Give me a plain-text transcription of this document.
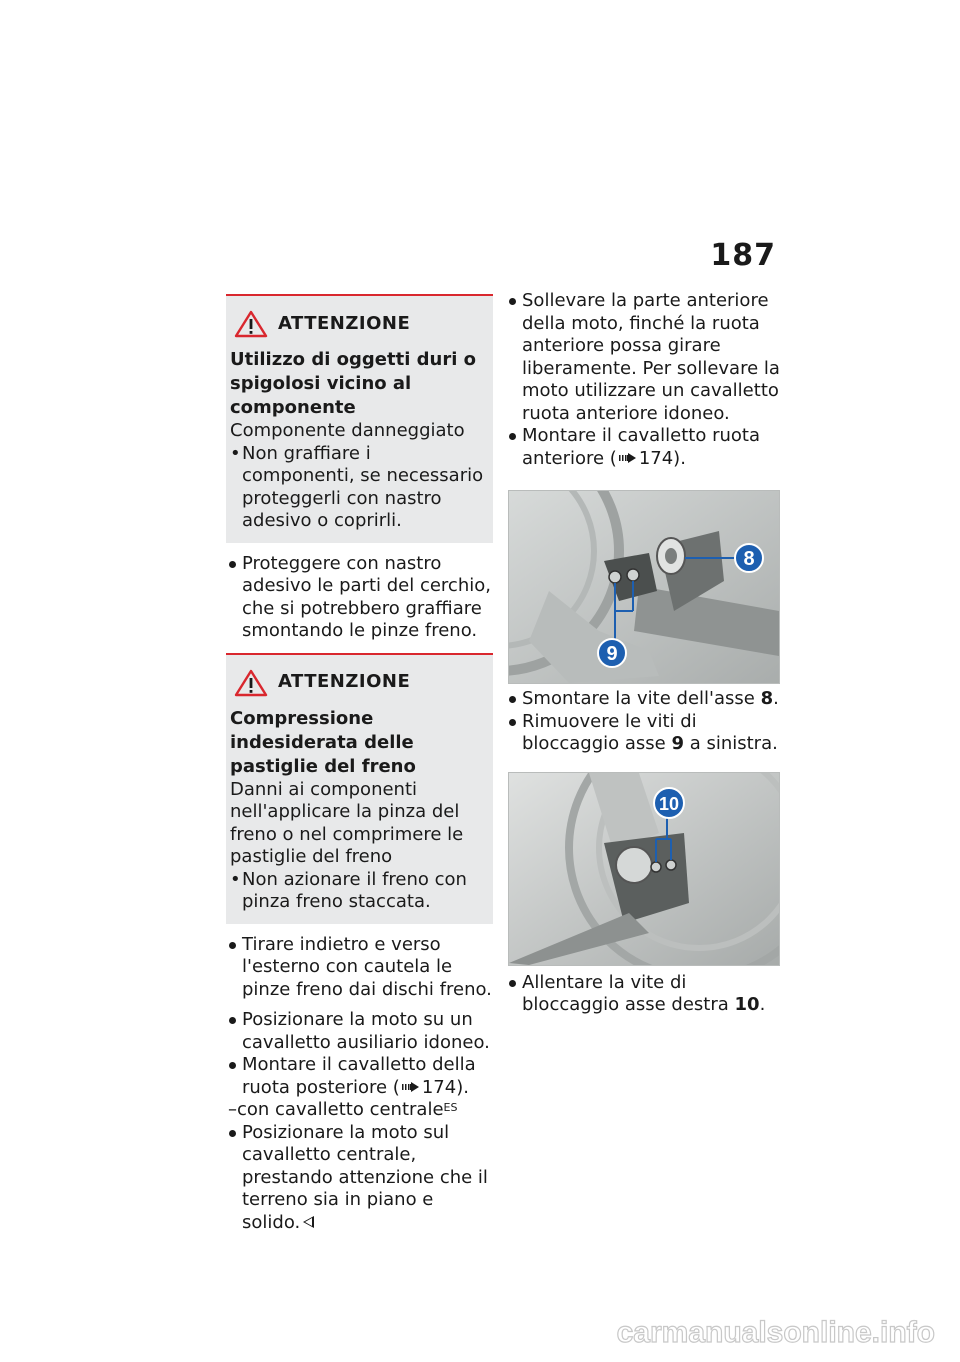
187
ATTENZIONE
Utilizzo di oggetti duri o spigolosi vicino al componente
Componente danneggiato
• Non graffiare i componenti, se necessario proteggerli con nastro adesivo o coprirli.
Proteggere con nastro adesivo le parti del cerchio, che si potrebbero graffiare smontando le pinze freno.
ATTENZIONE
Compressione indesiderata delle pastiglie del freno
Danni ai componenti nell'applicare la pinza del freno o nel comprimere le pastiglie del freno
• Non azionare il freno con pinza freno staccata.
Tirare indietro e verso l'esterno con cautela le pinze freno dai dischi freno.
Posizionare la moto su un cavalletto ausiliario idoneo.
Montare il cavalletto della ruota posteriore ( 174).
–con cavalletto centrale$^{ES}$
Posizionare la moto sul cavalletto centrale, prestando attenzione che il terreno sia in piano e solido.
Sollevare la parte anteriore della moto, finché la ruota anteriore possa girare liberamente. Per sollevare la moto utilizzare un cavalletto ruota anteriore idoneo.
Montare il cavalletto ruota anteriore ( 174).
8
9
Smontare la vite dell'asse 8.
Rimuovere le viti di bloccaggio asse 9 a sinistra.
10
Allentare la vite di bloccaggio asse destra 10.
carmanualsonline.info
